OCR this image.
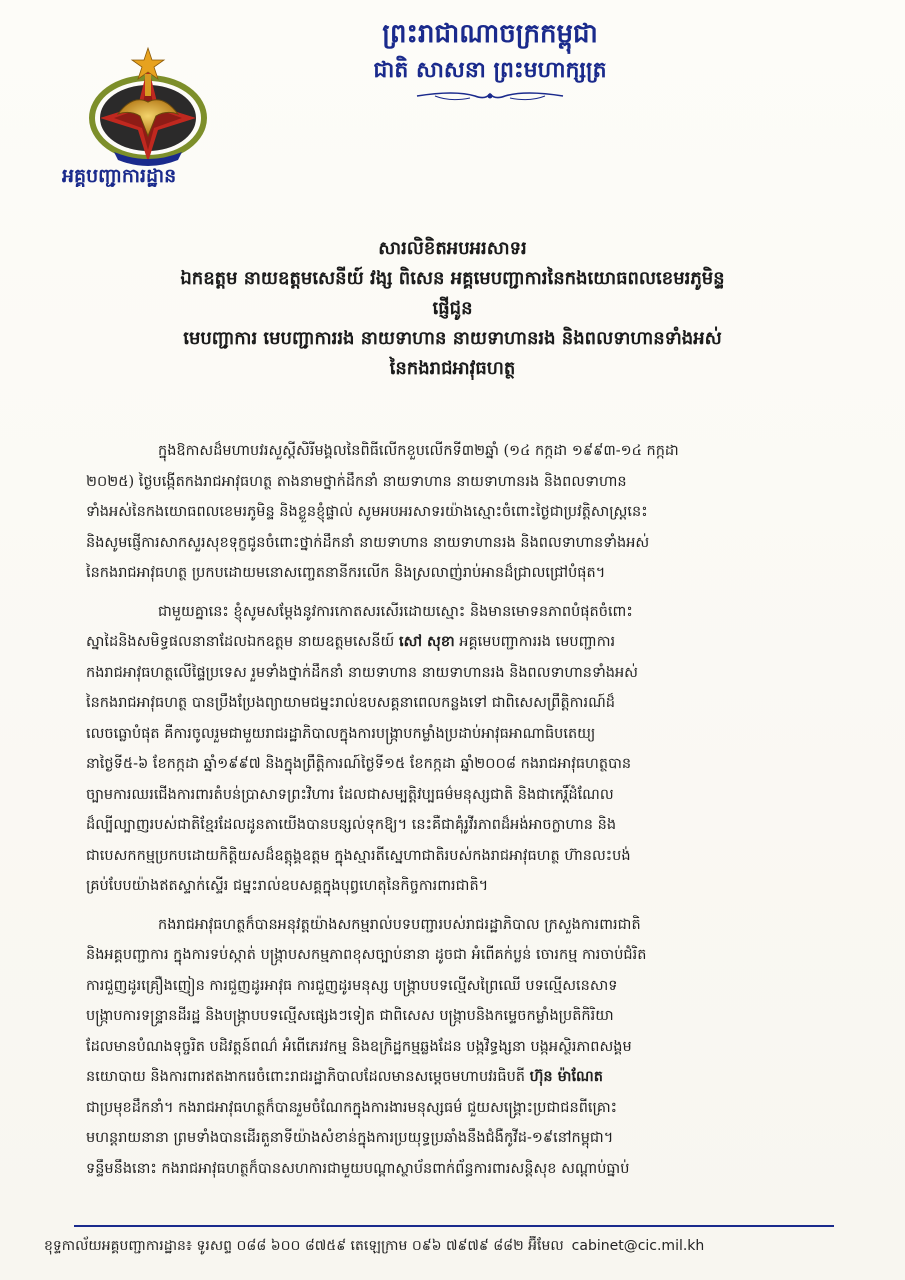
អគ្គបញ្ជាការដ្ឋាន
ព្រះរាជាណាចក្រកម្ពុជា
ជាតិ សាសនា ព្រះមហាក្សត្រ
សារលិខិតអបអរសាទរ
ឯកឧត្តម នាយឧត្តមសេនីយ៍ វង្ស ពិសេន អគ្គមេបញ្ជាការនៃកងយោធពលខេមរភូមិន្ទ
ផ្ញើជូន
មេបញ្ជាការ មេបញ្ជាការរង នាយទាហាន នាយទាហានរង និងពលទាហានទាំងអស់
នៃកងរាជអាវុធហត្ថ
ក្នុងឱកាសដ៏មហាបវរសួស្តីសិរីមង្គលនៃពិធីលើកខួបលើកទី៣២ឆ្នាំ (១៤ កក្កដា ១៩៩៣-១៤ កក្កដា
២០២៥) ថ្ងៃបង្កើតកងរាជអាវុធហត្ថ តាងនាមថ្នាក់ដឹកនាំ នាយទាហាន នាយទាហានរង និងពលទាហាន
ទាំងអស់នៃកងយោធពលខេមរភូមិន្ទ និងខ្លួនខ្ញុំផ្ទាល់ សូមអបអរសាទរយ៉ាងស្មោះចំពោះថ្ងៃជាប្រវត្តិសាស្ត្រនេះ
និងសូមផ្ញើការសាកសួរសុខទុក្ខជូនចំពោះថ្នាក់ដឹកនាំ នាយទាហាន នាយទាហានរង និងពលទាហានទាំងអស់
នៃកងរាជអាវុធហត្ថ ប្រកបដោយមនោសញ្ចេតនានីករលើក និងស្រលាញ់រាប់អានដ៏ជ្រាលជ្រៅបំផុត។
ជាមួយគ្នានេះ ខ្ញុំសូមសម្តែងនូវការកោតសរសើរដោយស្មោះ និងមានមោទនភាពបំផុតចំពោះ
ស្នាដៃនិងសមិទ្ធផលនានាដែលឯកឧត្តម នាយឧត្តមសេនីយ៍ សៅ សុខា អគ្គមេបញ្ជាការរង មេបញ្ជាការ
កងរាជអាវុធហត្ថលើផ្ទៃប្រទេស រួមទាំងថ្នាក់ដឹកនាំ នាយទាហាន នាយទាហានរង និងពលទាហានទាំងអស់
នៃកងរាជអាវុធហត្ថ បានប្រឹងប្រែងព្យាយាមជម្នះរាល់ឧបសគ្គនាពេលកន្លងទៅ ជាពិសេសព្រឹត្តិការណ៍ដ៏
លេចធ្លោបំផុត គឺការចូលរួមជាមួយរាជរដ្ឋាភិបាលក្នុងការបង្ក្រាបកម្លាំងប្រដាប់អាវុធអាណាធិបតេយ្យ
នាថ្ងៃទី៥-៦ ខែកក្កដា ឆ្នាំ១៩៩៧ និងក្នុងព្រឹត្តិការណ៍ថ្ងៃទី១៥ ខែកក្កដា ឆ្នាំ២០០៨ កងរាជអាវុធហត្ថបាន
ច្បាមការឈរជើងការពារតំបន់ប្រាសាទព្រះវិហារ ដែលជាសម្បត្តិវប្បធម៌មនុស្សជាតិ និងជាកេរ្តិ៍ដំណែល
ដ៏ល្បីល្បាញរបស់ជាតិខ្មែរដែលដូនតាយើងបានបន្សល់ទុកឱ្យ។ នេះគឺជាគុំរូវីរភាពដ៏អង់អាចក្លាហាន និង
ជាបេសកកម្មប្រកបដោយកិត្តិយសដ៏ឧត្តុង្គឧត្តម ក្នុងស្មារតីស្នេហាជាតិរបស់កងរាជអាវុធហត្ថ ហ៊ានលះបង់
គ្រប់បែបយ៉ាងឥតស្ទាក់ស្ទើរ ជម្នះរាល់ឧបសគ្គក្នុងបុព្វហេតុនៃកិច្ចការពារជាតិ។
កងរាជអាវុធហត្ថក៏បានអនុវត្តយ៉ាងសកម្មរាល់បទបញ្ជារបស់រាជរដ្ឋាភិបាល ក្រសួងការពារជាតិ
និងអគ្គបញ្ជាការ ក្នុងការទប់ស្កាត់ បង្ក្រាបសកម្មភាពខុសច្បាប់នានា ដូចជា អំពើគក់ប្លន់ ចោរកម្ម ការចាប់ជំរិត
ការជួញដូរគ្រឿងញៀន ការជួញដូរអាវុធ ការជួញដូរមនុស្ស បង្ក្រាបបទល្មើសព្រៃឈើ បទល្មើសនេសាទ
បង្ក្រាបការទន្ទ្រានដីរដ្ឋ និងបង្ក្រាបបទល្មើសផ្សេងៗទៀត ជាពិសេស បង្ក្រាបនិងកម្ទេចកម្លាំងប្រតិកិរិយា
ដែលមានបំណងទុច្ចរិត បដិវត្តន៍ពណ៌ អំពើភេរវកម្ម និងឧក្រិដ្ឋកម្មឆ្លងដែន បង្កវិទ្ធង្សនា បង្កអស្ថិរភាពសង្គម
នយោបាយ និងការពារឥតងាករេចំពោះរាជរដ្ឋាភិបាលដែលមានសម្តេចមហាបវរធិបតី ហ៊ុន ម៉ាណែត
ជាប្រមុខដឹកនាំ។ កងរាជអាវុធហត្ថក៏បានរួមចំណែកក្នុងការងារមនុស្សធម៌ ជួយសង្គ្រោះប្រជាជនពីគ្រោះ
មហន្តរាយនានា ព្រមទាំងបានដើរតួនាទីយ៉ាងសំខាន់ក្នុងការប្រយុទ្ធប្រឆាំងនឹងជំងឺកូវីដ-១៩នៅកម្ពុជា។
ទន្ទឹមនឹងនោះ កងរាជអាវុធហត្ថក៏បានសហការជាមួយបណ្តាស្ថាប័នពាក់ព័ន្ធការពារសន្តិសុខ សណ្តាប់ធ្នាប់
ខុទ្ទកាល័យអគ្គបញ្ជាការដ្ឋាន៖ ទូរសព្ទ ០៨៨ ៦០០ ៨៧៥៩ តេឡេក្រាម ០៩៦ ៧៩៧៩ ៨៨២ អ៊ីមែល cabinet@cic.mil.kh
